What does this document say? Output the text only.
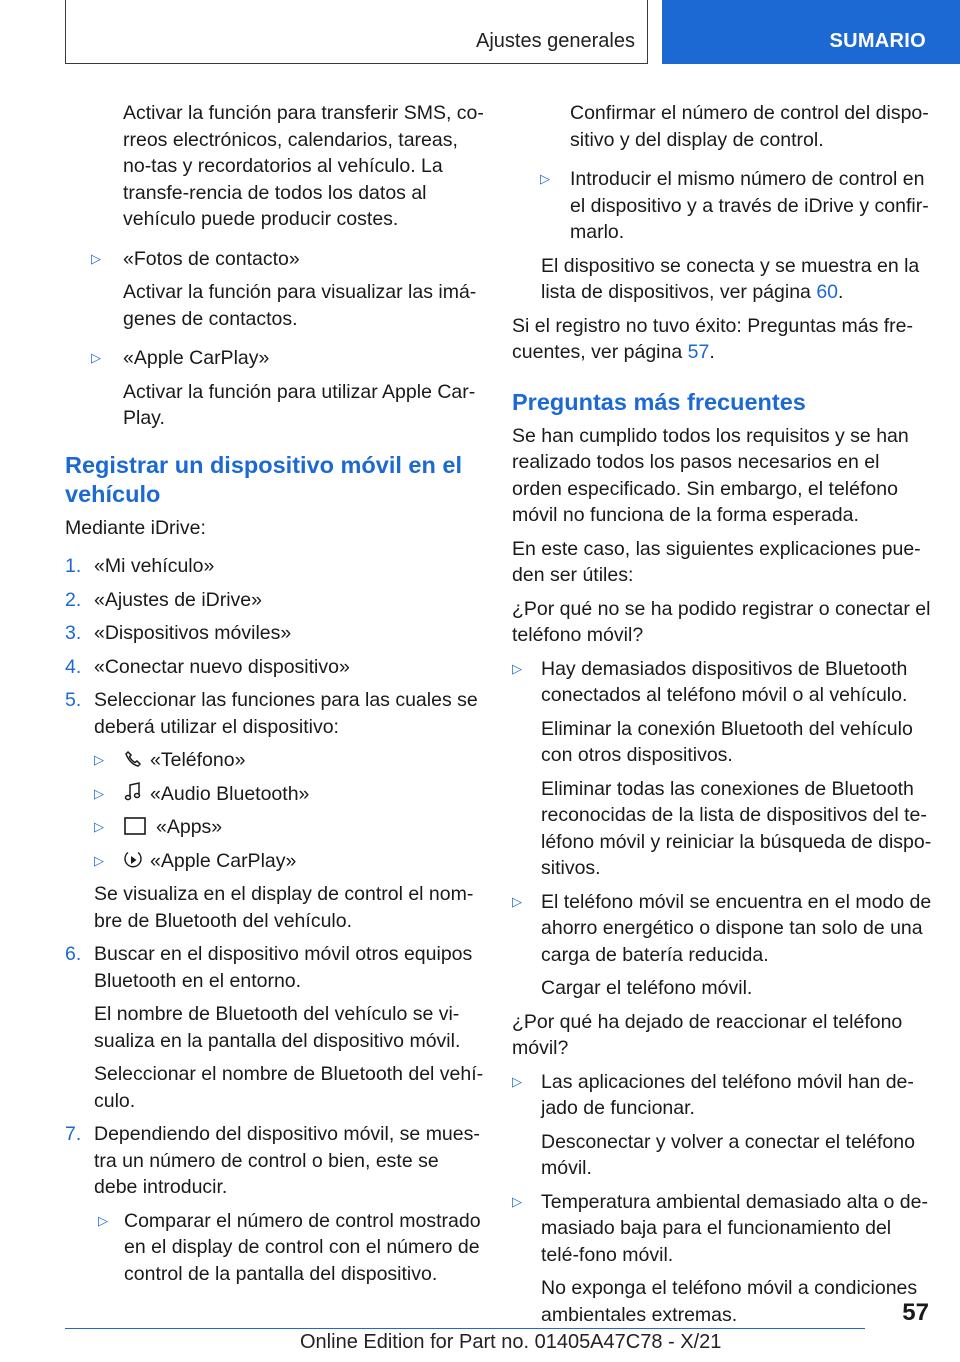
Ajustes generales	SUMARIO

Activar la función para transferir SMS, co-rreos electrónicos, calendarios, tareas, no-tas y recordatorios al vehículo. La transfe-rencia de todos los datos al vehículo puede producir costes.

▷ «Fotos de contacto»

Activar la función para visualizar las imá-genes de contactos.

▷ «Apple CarPlay»

Activar la función para utilizar Apple Car-Play.

Registrar un dispositivo móvil en el vehículo

Mediante iDrive:

1. «Mi vehículo»
2. «Ajustes de iDrive»
3. «Dispositivos móviles»
4. «Conectar nuevo dispositivo»
5. Seleccionar las funciones para las cuales se deberá utilizar el dispositivo:
▷ «Teléfono»
▷ «Audio Bluetooth»
▷	«Apps»
▷ «Apple CarPlay»

Se visualiza en el display de control el nom-bre de Bluetooth del vehículo.

6. Buscar en el dispositivo móvil otros equipos Bluetooth en el entorno.

El nombre de Bluetooth del vehículo se vi-sualiza en la pantalla del dispositivo móvil.

Seleccionar el nombre de Bluetooth del vehí-culo.

7. Dependiendo del dispositivo móvil, se mues-tra un número de control o bien, este se debe introducir.
▷ Comparar el número de control mostrado en el display de control con el número de control de la pantalla del dispositivo.

Confirmar el número de control del dispo-sitivo y del display de control.

▷ Introducir el mismo número de control en el dispositivo y a través de iDrive y confir-marlo.

El dispositivo se conecta y se muestra en la lista de dispositivos, ver página 60.

Si el registro no tuvo éxito: Preguntas más fre-cuentes, ver página 57.

Preguntas más frecuentes

Se han cumplido todos los requisitos y se han realizado todos los pasos necesarios en el orden especificado. Sin embargo, el teléfono móvil no funciona de la forma esperada.

En este caso, las siguientes explicaciones pue-den ser útiles:

¿Por qué no se ha podido registrar o conectar el teléfono móvil?

▷ Hay demasiados dispositivos de Bluetooth conectados al teléfono móvil o al vehículo.

Eliminar la conexión Bluetooth del vehículo con otros dispositivos.

Eliminar todas las conexiones de Bluetooth reconocidas de la lista de dispositivos del te-léfono móvil y reiniciar la búsqueda de dispo-sitivos.

▷ El teléfono móvil se encuentra en el modo de ahorro energético o dispone tan solo de una carga de batería reducida.

Cargar el teléfono móvil.

¿Por qué ha dejado de reaccionar el teléfono móvil?

▷ Las aplicaciones del teléfono móvil han de-jado de funcionar.

Desconectar y volver a conectar el teléfono móvil.

▷ Temperatura ambiental demasiado alta o de-masiado baja para el funcionamiento del telé-fono móvil.

No exponga el teléfono móvil a condiciones ambientales extremas.	57
Online Edition for Part no. 01405A47C78 - X/21
